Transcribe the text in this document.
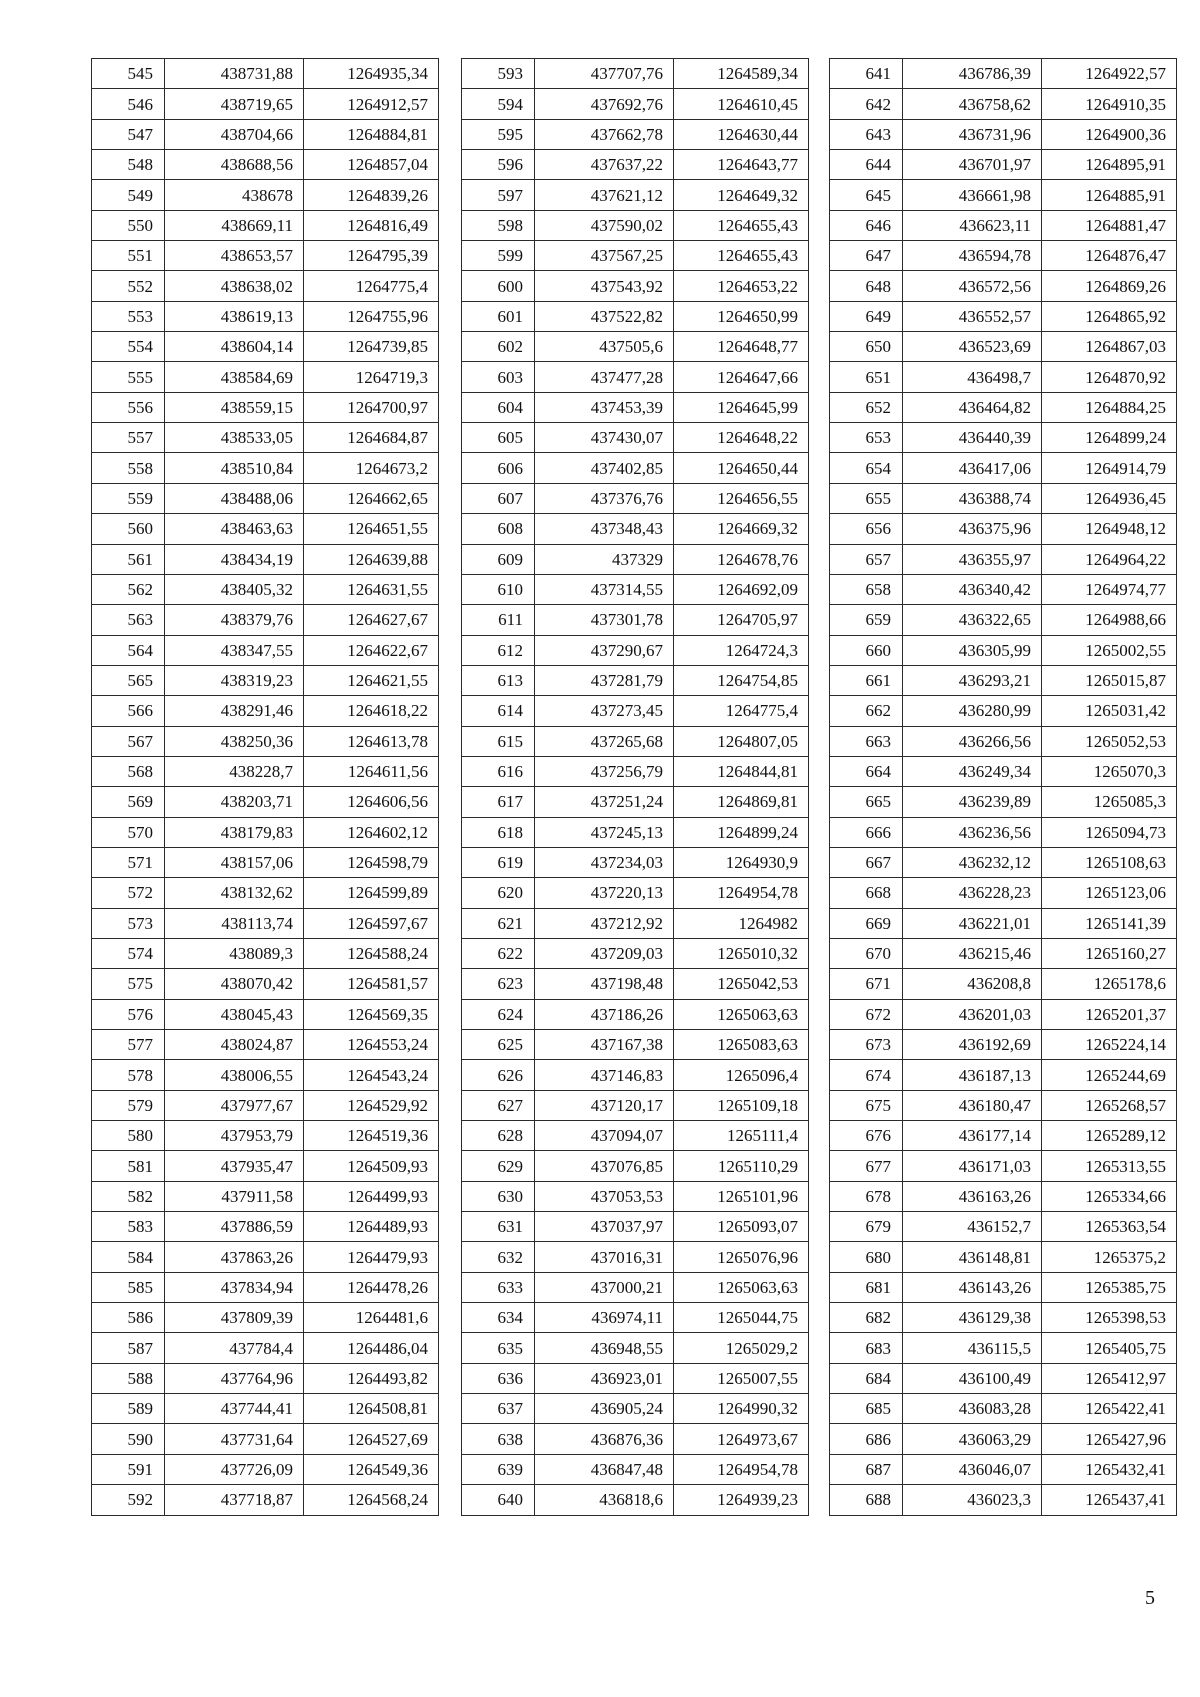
545	438731,88	1264935,34
546	438719,65	1264912,57
547	438704,66	1264884,81
548	438688,56	1264857,04
549	438678	1264839,26
550	438669,11	1264816,49
551	438653,57	1264795,39
552	438638,02	1264775,4
553	438619,13	1264755,96
554	438604,14	1264739,85
555	438584,69	1264719,3
556	438559,15	1264700,97
557	438533,05	1264684,87
558	438510,84	1264673,2
559	438488,06	1264662,65
560	438463,63	1264651,55
561	438434,19	1264639,88
562	438405,32	1264631,55
563	438379,76	1264627,67
564	438347,55	1264622,67
565	438319,23	1264621,55
566	438291,46	1264618,22
567	438250,36	1264613,78
568	438228,7	1264611,56
569	438203,71	1264606,56
570	438179,83	1264602,12
571	438157,06	1264598,79
572	438132,62	1264599,89
573	438113,74	1264597,67
574	438089,3	1264588,24
575	438070,42	1264581,57
576	438045,43	1264569,35
577	438024,87	1264553,24
578	438006,55	1264543,24
579	437977,67	1264529,92
580	437953,79	1264519,36
581	437935,47	1264509,93
582	437911,58	1264499,93
583	437886,59	1264489,93
584	437863,26	1264479,93
585	437834,94	1264478,26
586	437809,39	1264481,6
587	437784,4	1264486,04
588	437764,96	1264493,82
589	437744,41	1264508,81
590	437731,64	1264527,69
591	437726,09	1264549,36
592	437718,87	1264568,24
593	437707,76	1264589,34
594	437692,76	1264610,45
595	437662,78	1264630,44
596	437637,22	1264643,77
597	437621,12	1264649,32
598	437590,02	1264655,43
599	437567,25	1264655,43
600	437543,92	1264653,22
601	437522,82	1264650,99
602	437505,6	1264648,77
603	437477,28	1264647,66
604	437453,39	1264645,99
605	437430,07	1264648,22
606	437402,85	1264650,44
607	437376,76	1264656,55
608	437348,43	1264669,32
609	437329	1264678,76
610	437314,55	1264692,09
611	437301,78	1264705,97
612	437290,67	1264724,3
613	437281,79	1264754,85
614	437273,45	1264775,4
615	437265,68	1264807,05
616	437256,79	1264844,81
617	437251,24	1264869,81
618	437245,13	1264899,24
619	437234,03	1264930,9
620	437220,13	1264954,78
621	437212,92	1264982
622	437209,03	1265010,32
623	437198,48	1265042,53
624	437186,26	1265063,63
625	437167,38	1265083,63
626	437146,83	1265096,4
627	437120,17	1265109,18
628	437094,07	1265111,4
629	437076,85	1265110,29
630	437053,53	1265101,96
631	437037,97	1265093,07
632	437016,31	1265076,96
633	437000,21	1265063,63
634	436974,11	1265044,75
635	436948,55	1265029,2
636	436923,01	1265007,55
637	436905,24	1264990,32
638	436876,36	1264973,67
639	436847,48	1264954,78
640	436818,6	1264939,23
641	436786,39	1264922,57
642	436758,62	1264910,35
643	436731,96	1264900,36
644	436701,97	1264895,91
645	436661,98	1264885,91
646	436623,11	1264881,47
647	436594,78	1264876,47
648	436572,56	1264869,26
649	436552,57	1264865,92
650	436523,69	1264867,03
651	436498,7	1264870,92
652	436464,82	1264884,25
653	436440,39	1264899,24
654	436417,06	1264914,79
655	436388,74	1264936,45
656	436375,96	1264948,12
657	436355,97	1264964,22
658	436340,42	1264974,77
659	436322,65	1264988,66
660	436305,99	1265002,55
661	436293,21	1265015,87
662	436280,99	1265031,42
663	436266,56	1265052,53
664	436249,34	1265070,3
665	436239,89	1265085,3
666	436236,56	1265094,73
667	436232,12	1265108,63
668	436228,23	1265123,06
669	436221,01	1265141,39
670	436215,46	1265160,27
671	436208,8	1265178,6
672	436201,03	1265201,37
673	436192,69	1265224,14
674	436187,13	1265244,69
675	436180,47	1265268,57
676	436177,14	1265289,12
677	436171,03	1265313,55
678	436163,26	1265334,66
679	436152,7	1265363,54
680	436148,81	1265375,2
681	436143,26	1265385,75
682	436129,38	1265398,53
683	436115,5	1265405,75
684	436100,49	1265412,97
685	436083,28	1265422,41
686	436063,29	1265427,96
687	436046,07	1265432,41
688	436023,3	1265437,41
5
